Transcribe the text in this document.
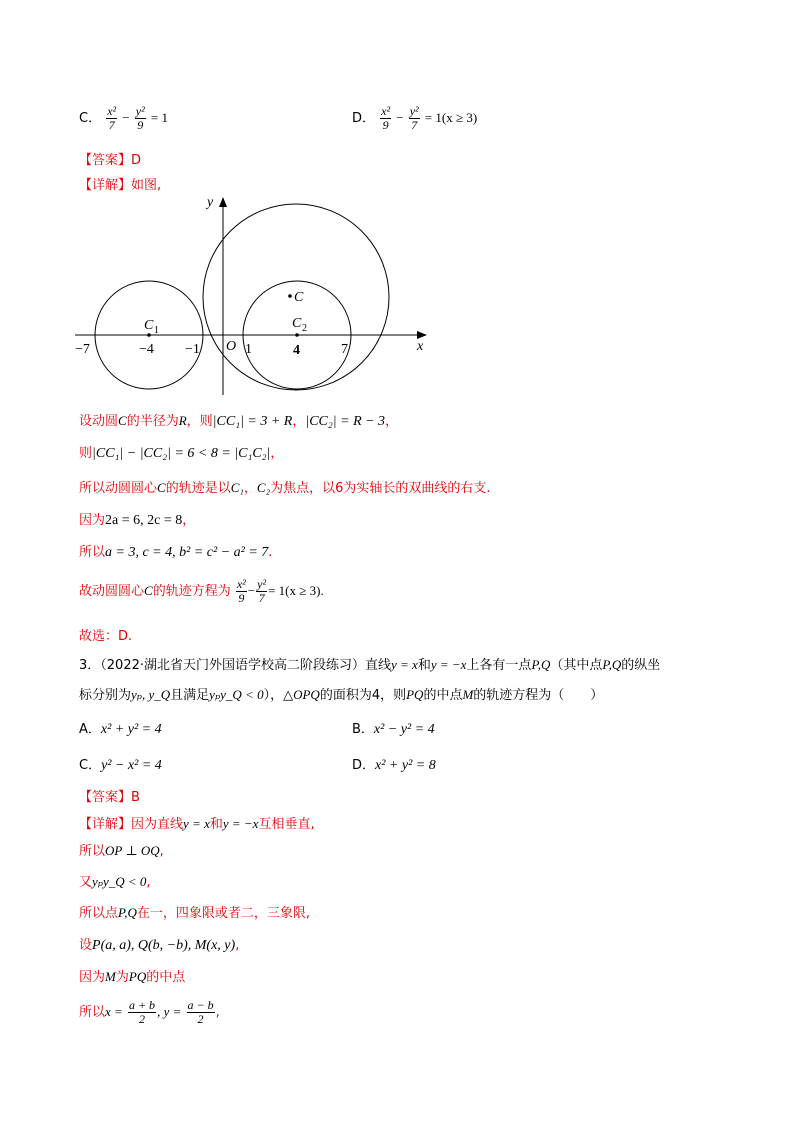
C． $\frac{\text{x²}}{7} - \frac{\text{y²}}{9} = 1$	D． $\frac{\text{x²}}{9} - \frac{\text{y²}}{7} = 1(x \ge 3)$
【答案】D
【详解】如图,
y
x
O
C
C 1	C 2
−7	−4 −1	1	4	7
设动圆C的半径为R，则|CC₁| = 3 + R，|CC₂| = R − 3，
则|CC₁| − |CC₂| = 6 < 8 = |C₁C₂|，
所以动圆圆心C的轨迹是以C₁，C₂为焦点，以6为实轴长的双曲线的右支.
因为2a = 6, 2c = 8，
所以a = 3, c = 4, b² = c² − a² = 7.
故动圆圆心C的轨迹方程为 $\frac{\text{x²}}{9} - \frac{\text{y²}}{7} = 1(x \ge 3)$.
故选：D.
3．（2022·湖北省天门外国语学校高二阶段练习）直线y = x和y = −x上各有一点P,Q（其中点P,Q的纵坐
标分别为yₚ, y_Q且满足yₚy_Q < 0），△OPQ的面积为4，则PQ的中点M的轨迹方程为（　　）
A．x² + y² = 4	B．x² − y² = 4
C．y² − x² = 4	D．x² + y² = 8
【答案】B
【详解】因为直线y = x和y = −x互相垂直,
所以OP ⊥ OQ,
又yₚy_Q < 0,
所以点P,Q在一，四象限或者二，三象限,
设P(a, a), Q(b, −b), M(x, y),
因为M为PQ的中点
所以$x = \frac{a + b}{2}$ , $y = \frac{a - b}{2}$ ,
